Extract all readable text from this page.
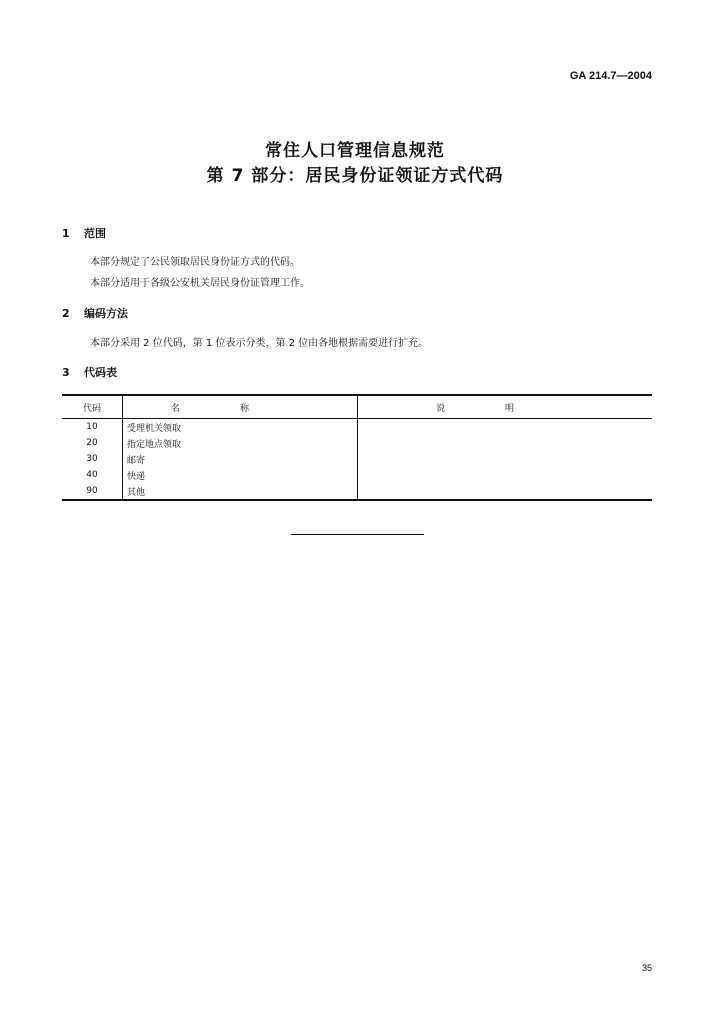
GA 214.7—2004
常住人口管理信息规范
第 7 部分：居民身份证领证方式代码
1 范围
本部分规定了公民领取居民身份证方式的代码。
本部分适用于各级公安机关居民身份证管理工作。
2 编码方法
本部分采用 2 位代码，第 1 位表示分类，第 2 位由各地根据需要进行扩充。
3 代码表
代码	名称	说明
10	受理机关领取	
20	指定地点领取	
30	邮寄	
40	快递	
90	其他	
35
